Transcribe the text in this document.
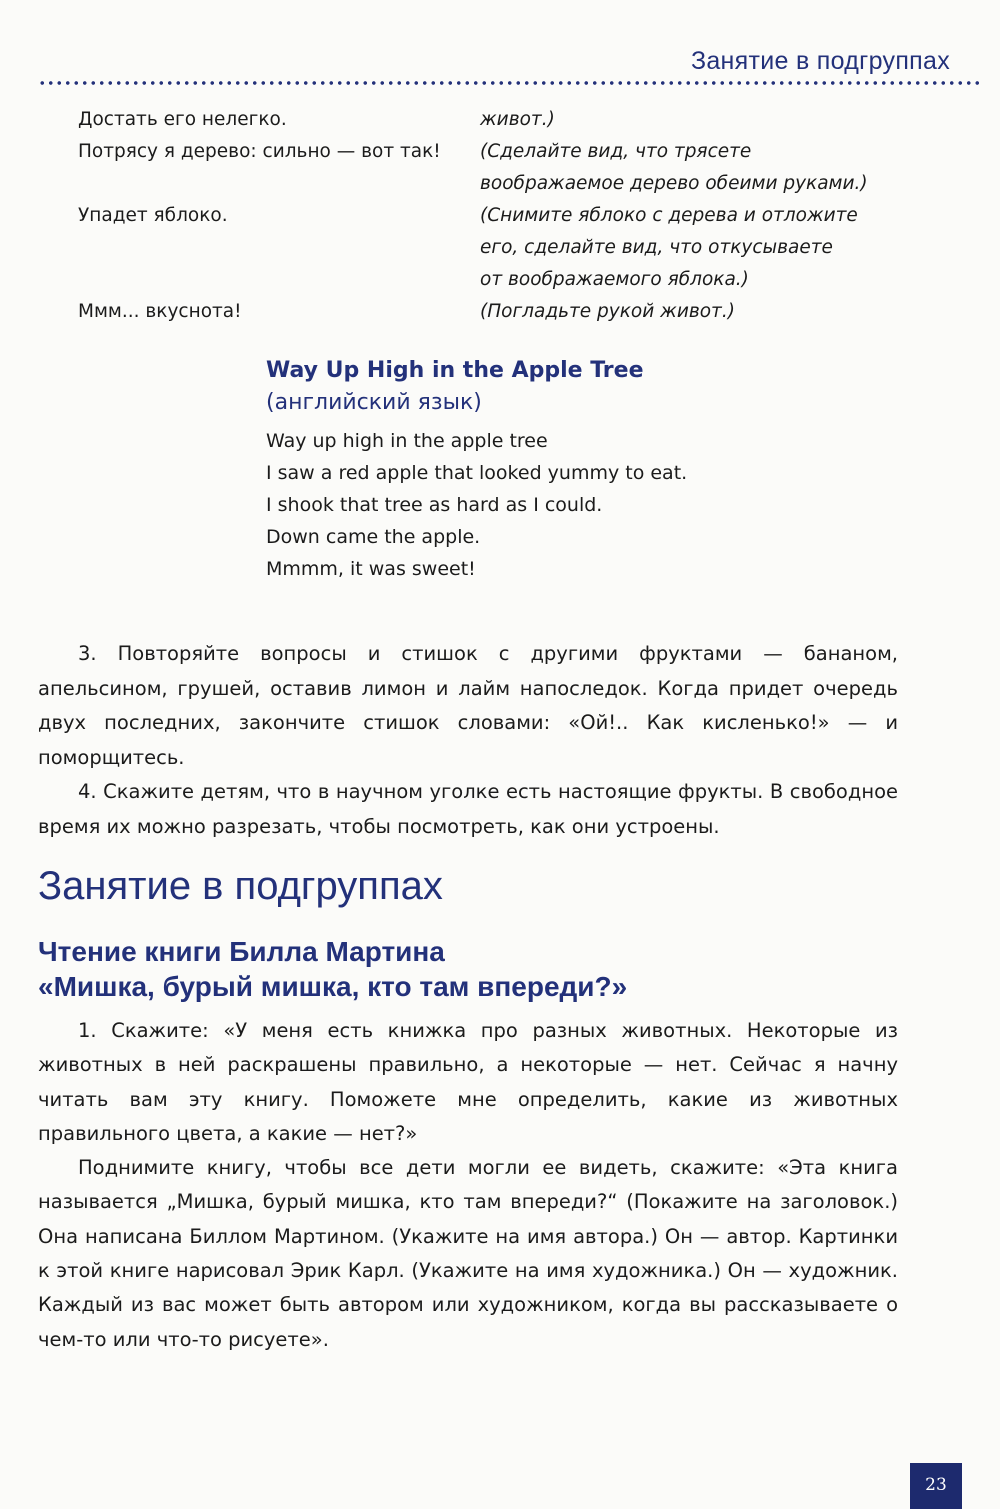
Занятие в подгруппах
Достать его нелегко.	живот.)
Потрясу я дерево: сильно — вот так!	(Сделайте вид, что трясете
воображаемое дерево обеими руками.)
Упадет яблоко.	(Снимите яблоко с дерева и отложите
его, сделайте вид, что откусываете
от воображаемого яблока.)
Ммм... вкуснота!	(Погладьте рукой живот.)
Way Up High in the Apple Tree
(английский язык)
Way up high in the apple tree
I saw a red apple that looked yummy to eat.
I shook that tree as hard as I could.
Down came the apple.
Mmmm, it was sweet!

3. Повторяйте вопросы и стишок с другими фруктами — бананом, апельсином, грушей, оставив лимон и лайм напоследок. Когда придет очередь двух последних, закончите стишок словами: «Ой!.. Как кисленько!» — и поморщитесь.

4. Скажите детям, что в научном уголке есть настоящие фрукты. В свободное время их можно разрезать, чтобы посмотреть, как они устроены.

Занятие в подгруппах
Чтение книги Билла Мартина
«Мишка, бурый мишка, кто там впереди?»

1. Скажите: «У меня есть книжка про разных животных. Некоторые из животных в ней раскрашены правильно, а некоторые — нет. Сейчас я начну читать вам эту книгу. Поможете мне определить, какие из животных правильного цвета, а какие — нет?»

Поднимите книгу, чтобы все дети могли ее видеть, скажите: «Эта книга называется „Мишка, бурый мишка, кто там впереди?“ (Покажите на заголовок.) Она написана Биллом Мартином. (Укажите на имя автора.) Он — автор. Картинки к этой книге нарисовал Эрик Карл. (Укажите на имя художника.) Он — художник. Каждый из вас может быть автором или художником, когда вы рассказываете о чем-то или что-то рисуете».

23
